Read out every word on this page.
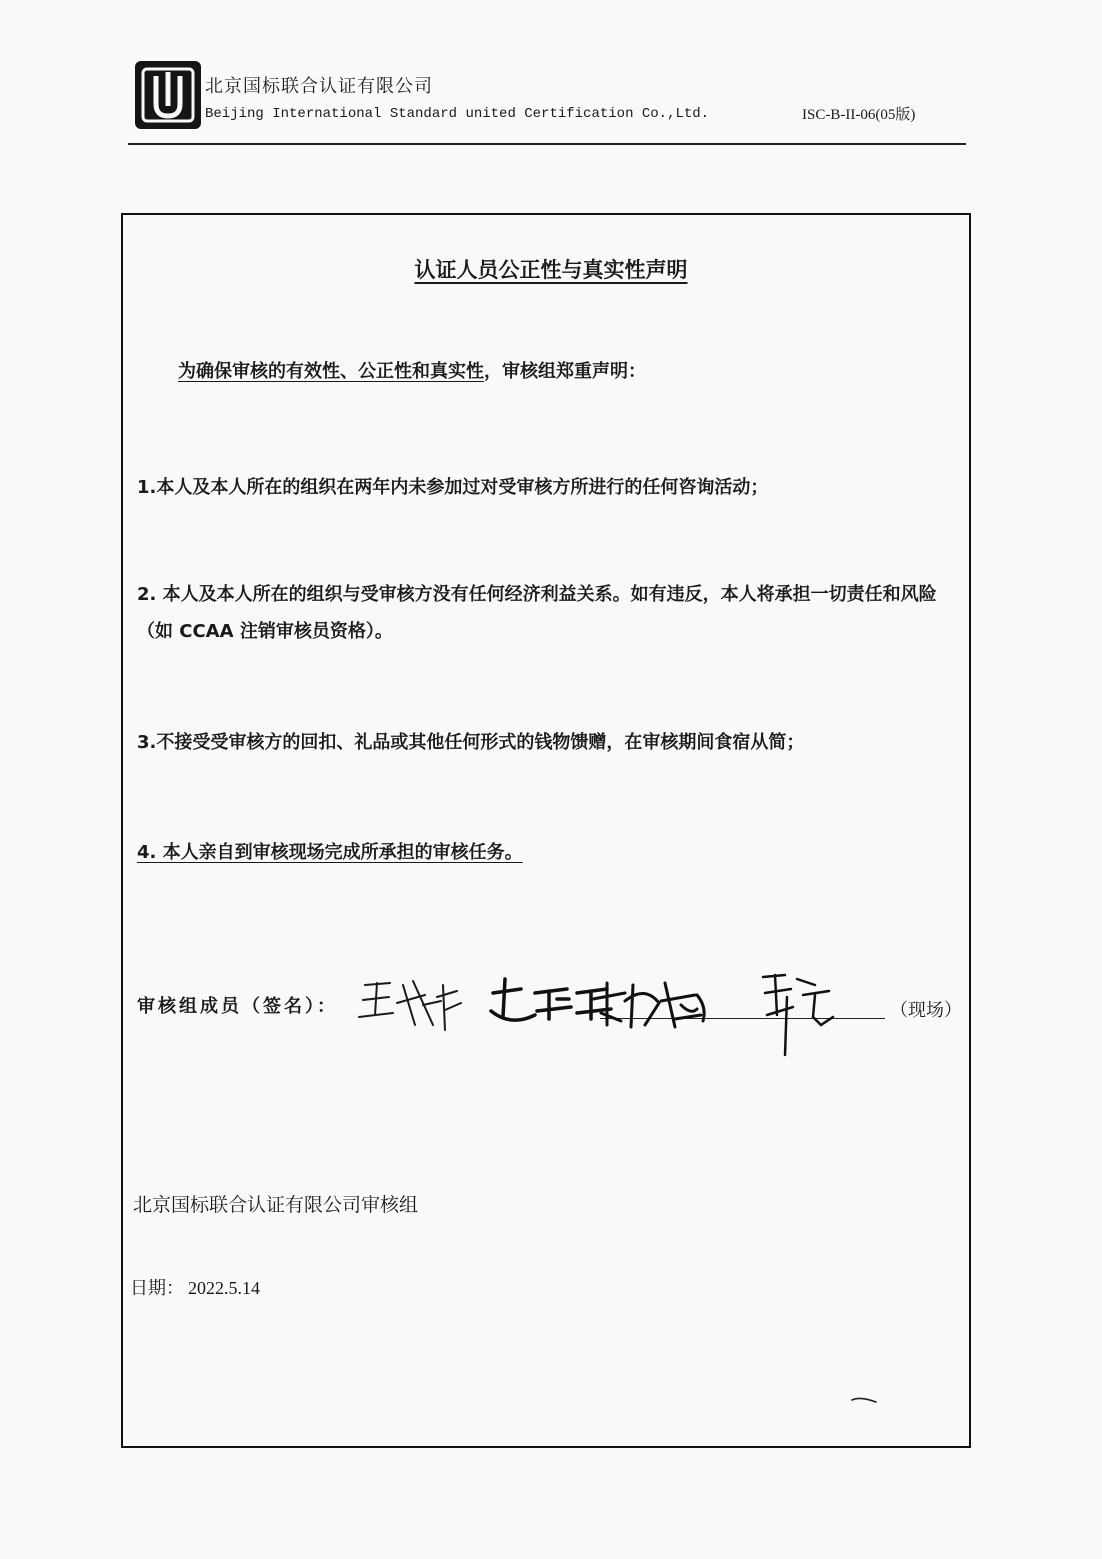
北京国标联合认证有限公司
Beijing International Standard united Certification Co.,Ltd.	ISC-B-II-06(05版)
认证人员公正性与真实性声明
为确保审核的有效性、公正性和真实性，审核组郑重声明：
1.本人及本人所在的组织在两年内未参加过对受审核方所进行的任何咨询活动；
2. 本人及本人所在的组织与受审核方没有任何经济利益关系。如有违反，本人将承担一切责任和风险（如 CCAA 注销审核员资格）。
3.不接受受审核方的回扣、礼品或其他任何形式的钱物馈赠，在审核期间食宿从简；
4. 本人亲自到审核现场完成所承担的审核任务。
审核组成员（签名）：	（现场）
北京国标联合认证有限公司审核组
日期： 2022.5.14
